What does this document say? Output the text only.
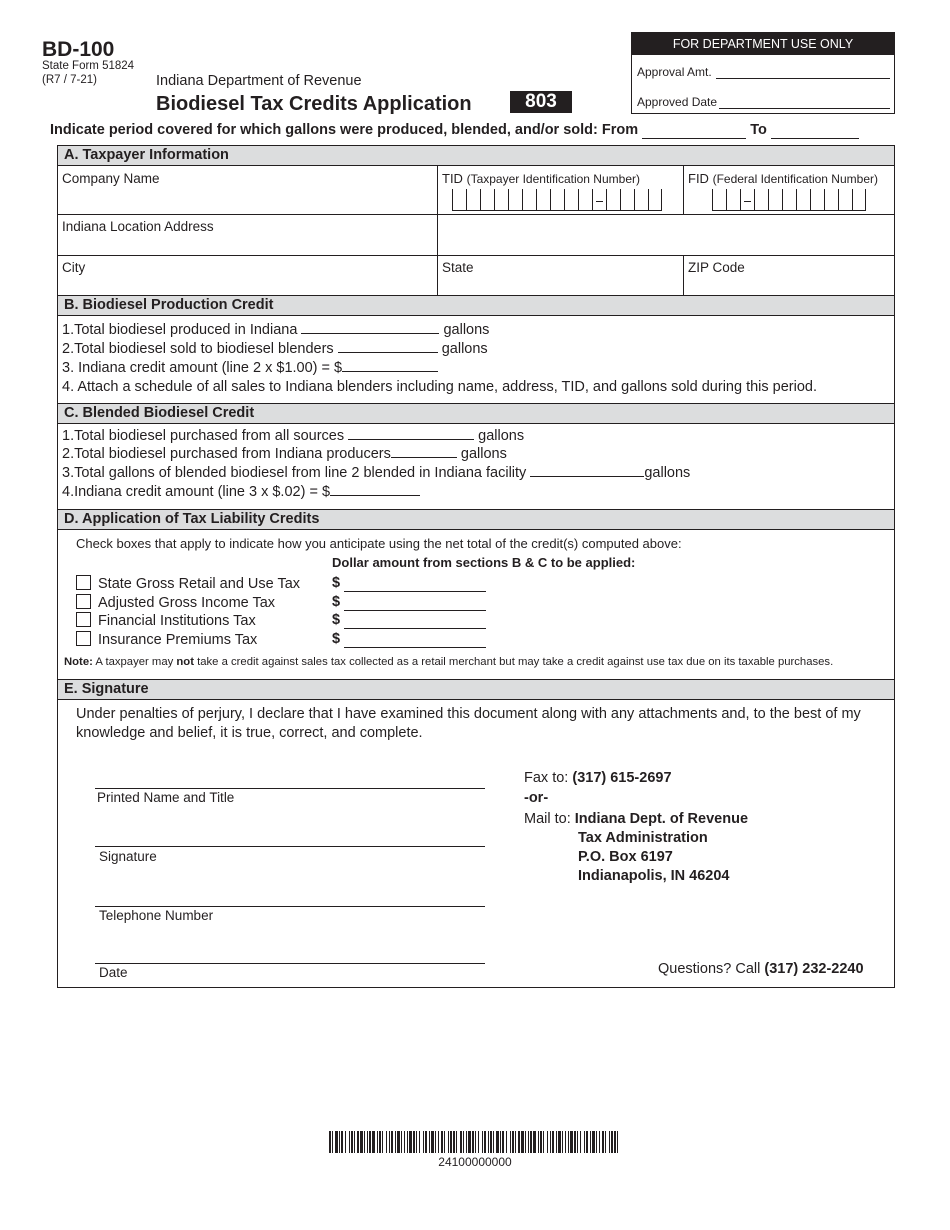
BD-100
State Form 51824
(R7 / 7-21)	Indiana Department of Revenue
Biodiesel Tax Credits Application	803
FOR DEPARTMENT USE ONLY
Approval Amt.
Approved Date
Indicate period covered for which gallons were produced, blended, and/or sold: From	To
A. Taxpayer Information
Company Name	TID (Taxpayer Identification Number)	FID (Federal Identification Number)
Indiana Location Address
City	State	ZIP Code
B. Biodiesel Production Credit
1.Total biodiesel produced in Indiana	gallons
2.Total biodiesel sold to biodiesel blenders	gallons
3. Indiana credit amount (line 2 x $1.00) = $
4. Attach a schedule of all sales to Indiana blenders including name, address, TID, and gallons sold during this period.
C. Blended Biodiesel Credit
1.Total biodiesel purchased from all sources	gallons
2.Total biodiesel purchased from Indiana producers	gallons
3.Total gallons of blended biodiesel from line 2 blended in Indiana facility	gallons
4.Indiana credit amount (line 3 x $.02) = $
D. Application of Tax Liability Credits
Check boxes that apply to indicate how you anticipate using the net total of the credit(s) computed above:
Dollar amount from sections B & C to be applied:
State Gross Retail and Use Tax $
Adjusted Gross Income Tax	$
Financial Institutions Tax	$
Insurance Premiums Tax	$
Note: A taxpayer may not take a credit against sales tax collected as a retail merchant but may take a credit against use tax due on its taxable purchases.
E. Signature
Under penalties of perjury, I declare that I have examined this document along with any attachments and, to the best of my knowledge and belief, it is true, correct, and complete.
Printed Name and Title
Signature
Telephone Number
Date
Fax to: (317) 615-2697
-or-
Mail to: Indiana Dept. of Revenue
Tax Administration
P.O. Box 6197
Indianapolis, IN 46204
Questions? Call (317) 232-2240
24100000000
